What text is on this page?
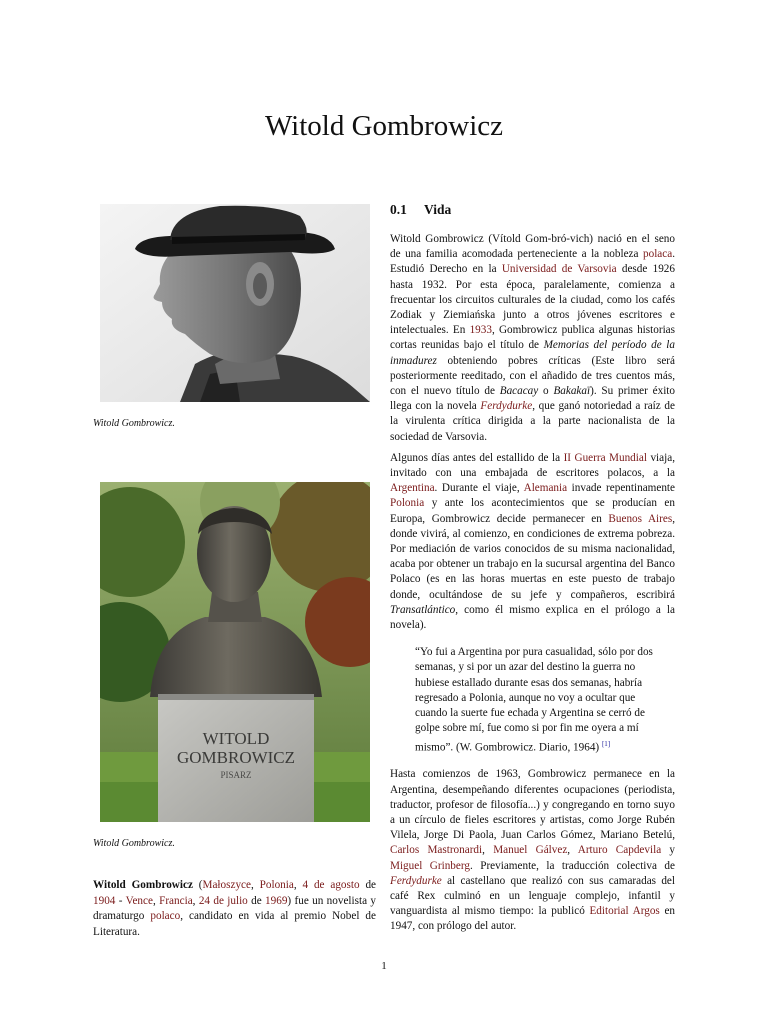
Witold Gombrowicz
Witold Gombrowicz.
WITOLD
GOMBROWICZ
PISARZ
Witold Gombrowicz.

Witold Gombrowicz (Małoszyce, Polonia, 4 de agosto de 1904 - Vence, Francia, 24 de julio de 1969) fue un novelista y dramaturgo polaco, candidato en vida al premio Nobel de Literatura.

0.1 Vida

Witold Gombrowicz (Vítold Gom-bró-vich) nació en el seno de una familia acomodada perteneciente a la nobleza polaca. Estudió Derecho en la Universidad de Varsovia desde 1926 hasta 1932. Por esta época, paralelamente, comienza a frecuentar los circuitos culturales de la ciudad, como los cafés Zodiak y Ziemiańska junto a otros jóvenes escritores e intelectuales. En 1933, Gombrowicz publica algunas historias cortas reunidas bajo el título de Memorias del período de la inmadurez obteniendo pobres críticas (Este libro será posteriormente reeditado, con el añadido de tres cuentos más, con el nuevo título de Bacacay o Bakakaï). Su primer éxito llega con la novela Ferdydurke, que ganó notoriedad a raíz de la virulenta crítica dirigida a la parte nacionalista de la sociedad de Varsovia.

Algunos días antes del estallido de la II Guerra Mundial viaja, invitado con una embajada de escritores polacos, a la Argentina. Durante el viaje, Alemania invade repentinamente Polonia y ante los acontecimientos que se producían en Europa, Gombrowicz decide permanecer en Buenos Aires, donde vivirá, al comienzo, en condiciones de extrema pobreza. Por mediación de varios conocidos de su misma nacionalidad, acaba por obtener un trabajo en la sucursal argentina del Banco Polaco (es en las horas muertas en este puesto de trabajo donde, ocultándose de su jefe y compañeros, escribirá Transatlántico, como él mismo explica en el prólogo a la novela).

“Yo fui a Argentina por pura casualidad, sólo por dos semanas, y si por un azar del destino la guerra no hubiese estallado durante esas dos semanas, habría regresado a Polonia, aunque no voy a ocultar que cuando la suerte fue echada y Argentina se cerró de golpe sobre mí, fue como si por fin me oyera a mí mismo”. (W. Gombrowicz. Diario, 1964) [1]

Hasta comienzos de 1963, Gombrowicz permanece en la Argentina, desempeñando diferentes ocupaciones (periodista, traductor, profesor de filosofía...) y congregando en torno suyo a un círculo de fieles escritores y artistas, como Jorge Rubén Vilela, Jorge Di Paola, Juan Carlos Gómez, Mariano Betelú, Carlos Mastronardi, Manuel Gálvez, Arturo Capdevila y Miguel Grinberg. Previamente, la traducción colectiva de Ferdydurke al castellano que realizó con sus camaradas del café Rex culminó en un lenguaje complejo, infantil y vanguardista al mismo tiempo: la publicó Editorial Argos en 1947, con prólogo del autor.

1
